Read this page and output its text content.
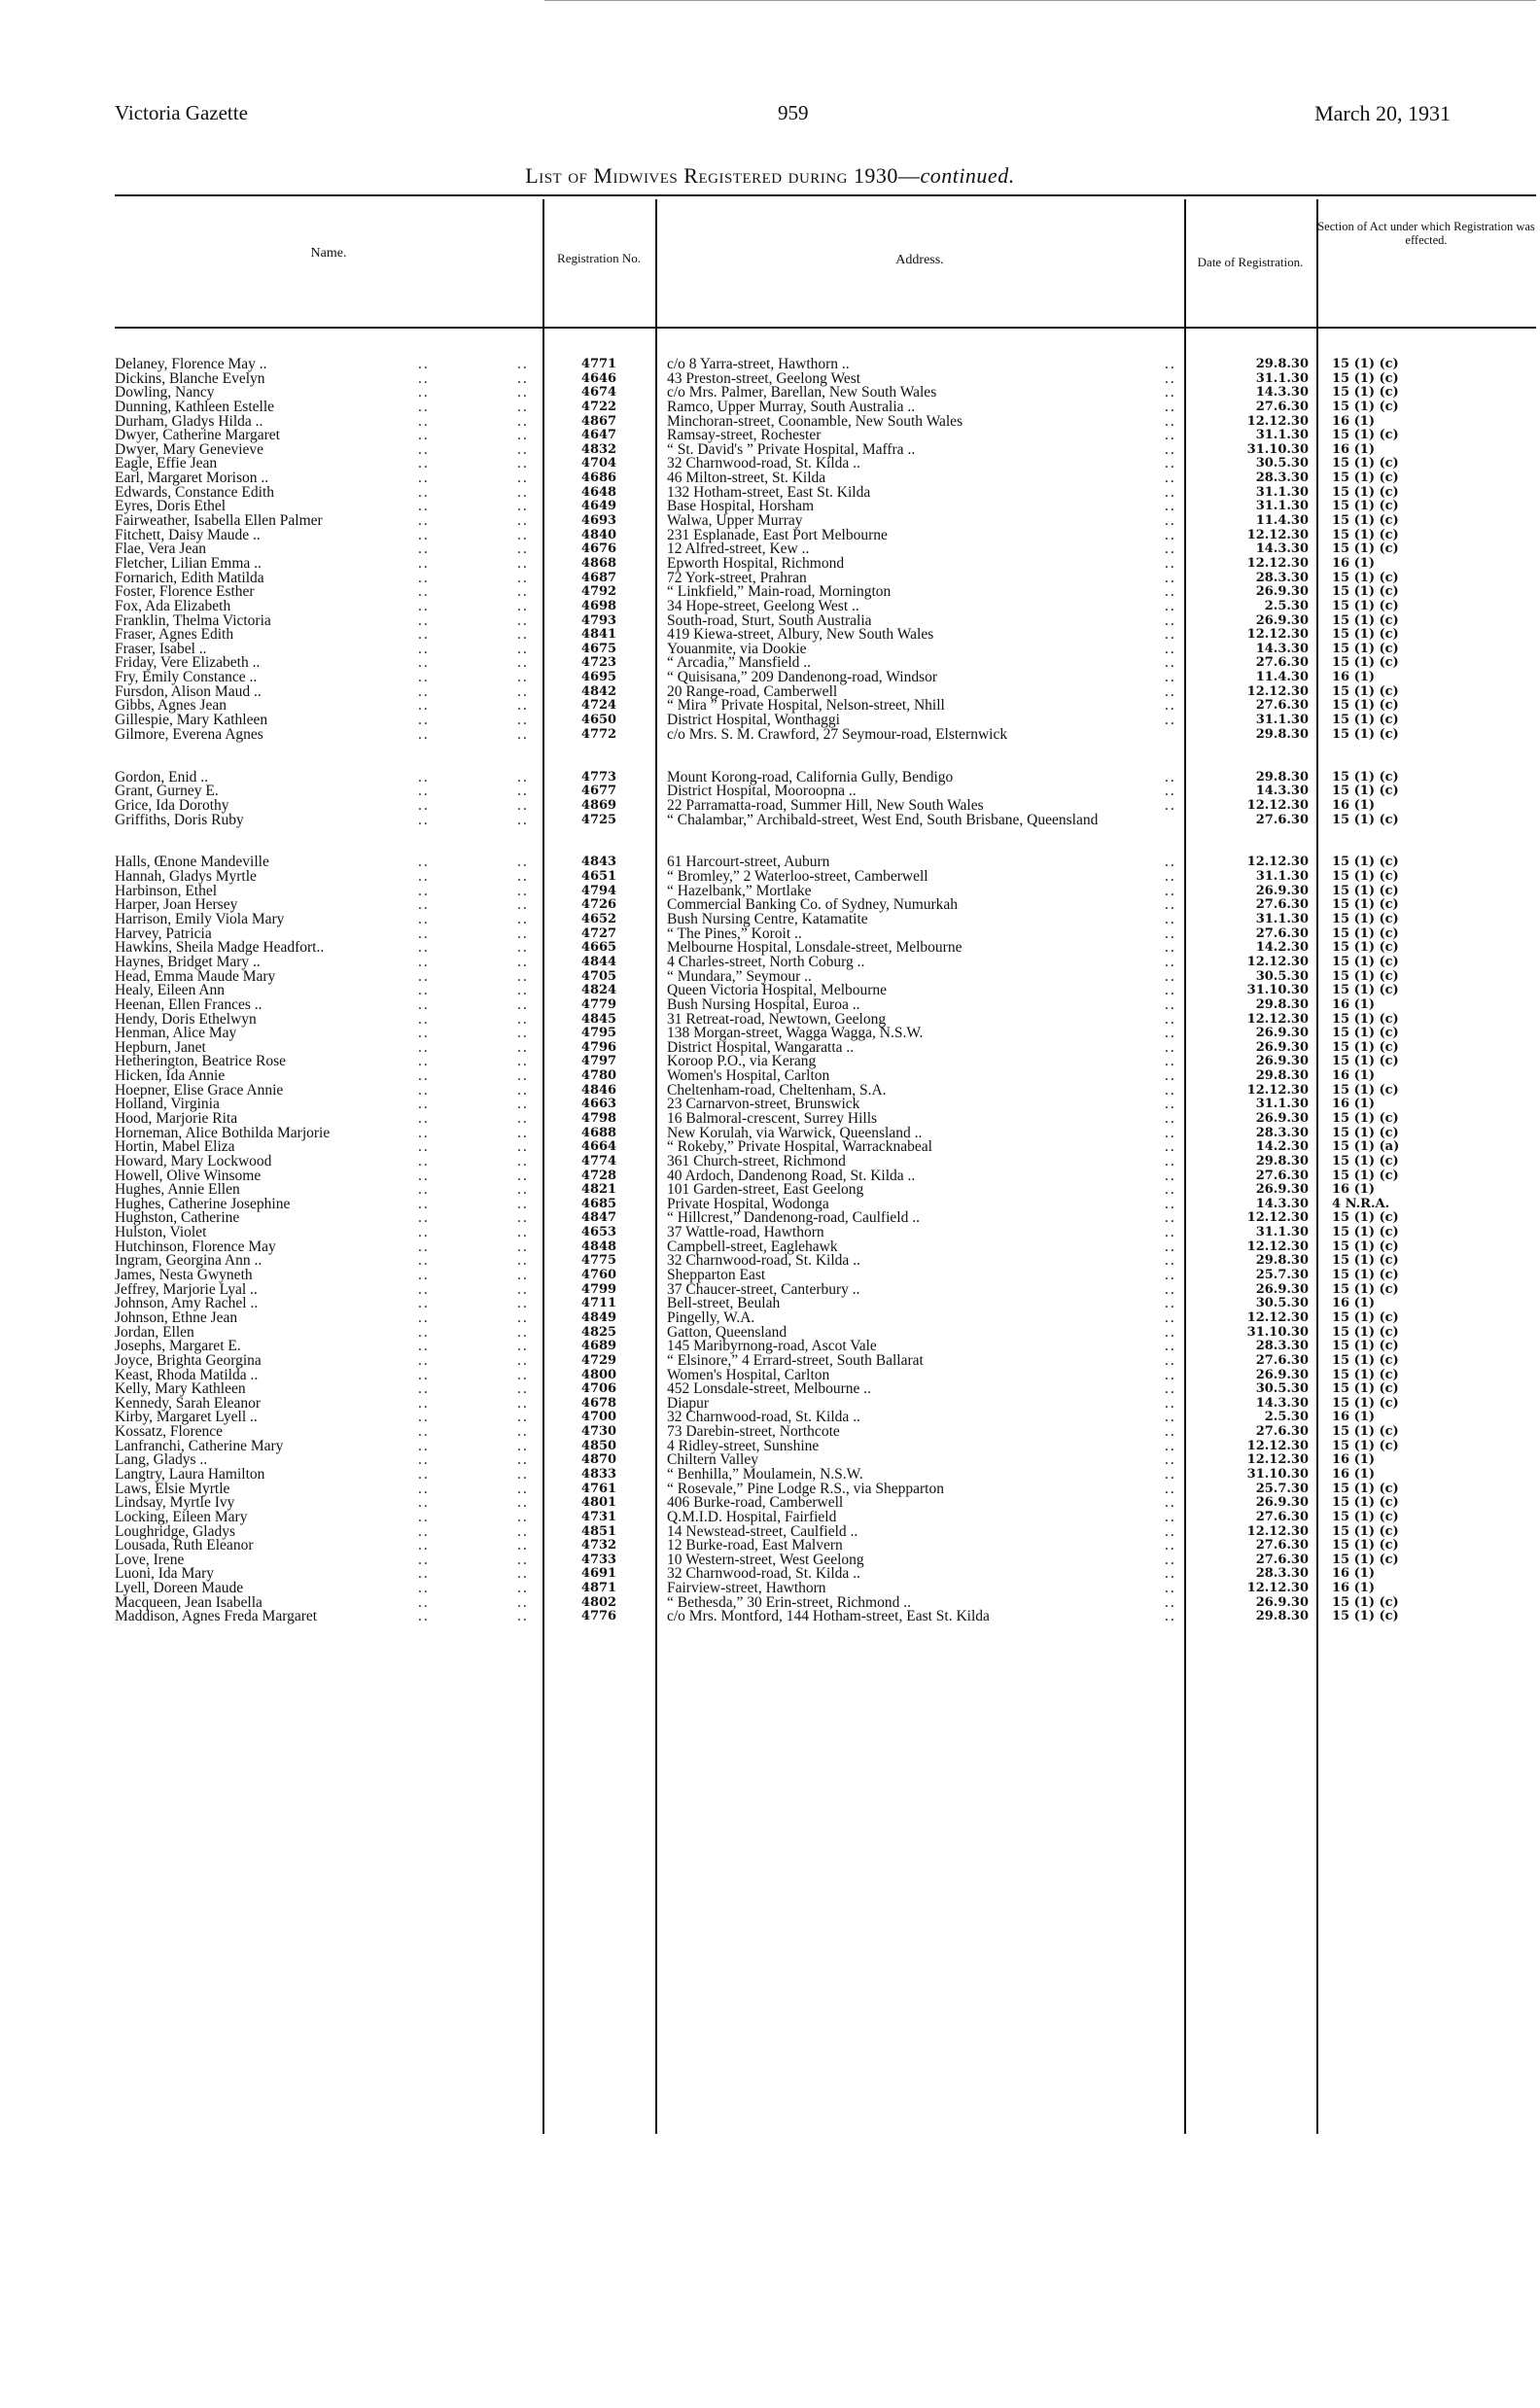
Victoria Gazette	959	March 20, 1931
List of Midwives Registered during 1930—continued.
Name.	Registration No.	Address.	Date of Registration.
Section of Act under which Registration was effected.
Delaney, Florence May ..	..	..	4771	c/o 8 Yarra-street, Hawthorn ..	..	29.8.30 15 (1) (c)
Dickins, Blanche Evelyn	..	..	4646	43 Preston-street, Geelong West	..	31.1.30 15 (1) (c)
Dowling, Nancy	..	..	4674	c/o Mrs. Palmer, Barellan, New South Wales	..	14.3.30 15 (1) (c)
Dunning, Kathleen Estelle	..	..	4722	Ramco, Upper Murray, South Australia ..	..	27.6.30 15 (1) (c)
Durham, Gladys Hilda ..	..	..	4867	Minchoran-street, Coonamble, New South Wales	..	12.12.30 16 (1)
Dwyer, Catherine Margaret	..	..	4647	Ramsay-street, Rochester	..	31.1.30 15 (1) (c)
Dwyer, Mary Genevieve	..	..	4832	“ St. David's ” Private Hospital, Maffra ..	..	31.10.30 16 (1)
Eagle, Effie Jean	..	..	4704	32 Charnwood-road, St. Kilda ..	..	30.5.30 15 (1) (c)
Earl, Margaret Morison ..	..	..	4686	46 Milton-street, St. Kilda	..	28.3.30 15 (1) (c)
Edwards, Constance Edith	..	..	4648	132 Hotham-street, East St. Kilda	..	31.1.30 15 (1) (c)
Eyres, Doris Ethel	..	..	4649	Base Hospital, Horsham	..	31.1.30 15 (1) (c)
Fairweather, Isabella Ellen Palmer	..	..	4693	Walwa, Upper Murray	..	11.4.30 15 (1) (c)
Fitchett, Daisy Maude ..	..	..	4840	231 Esplanade, East Port Melbourne	..	12.12.30 15 (1) (c)
Flae, Vera Jean	..	..	4676	12 Alfred-street, Kew ..	..	14.3.30 15 (1) (c)
Fletcher, Lilian Emma ..	..	..	4868	Epworth Hospital, Richmond	..	12.12.30 16 (1)
Fornarich, Edith Matilda	..	..	4687	72 York-street, Prahran	..	28.3.30 15 (1) (c)
Foster, Florence Esther	..	..	4792	“ Linkfield,” Main-road, Mornington	..	26.9.30 15 (1) (c)
Fox, Ada Elizabeth	..	..	4698	34 Hope-street, Geelong West ..	..	2.5.30 15 (1) (c)
Franklin, Thelma Victoria	..	..	4793	South-road, Sturt, South Australia	..	26.9.30 15 (1) (c)
Fraser, Agnes Edith	..	..	4841	419 Kiewa-street, Albury, New South Wales	..	12.12.30 15 (1) (c)
Fraser, Isabel ..	..	..	4675	Youanmite, via Dookie	..	14.3.30 15 (1) (c)
Friday, Vere Elizabeth ..	..	..	4723	“ Arcadia,” Mansfield ..	..	27.6.30 15 (1) (c)
Fry, Emily Constance ..	..	..	4695	“ Quisisana,” 209 Dandenong-road, Windsor	..	11.4.30 16 (1)
Fursdon, Alison Maud ..	..	..	4842	20 Range-road, Camberwell	..	12.12.30 15 (1) (c)
Gibbs, Agnes Jean	..	..	4724	“ Mira ” Private Hospital, Nelson-street, Nhill	..	27.6.30 15 (1) (c)
Gillespie, Mary Kathleen	..	..	4650	District Hospital, Wonthaggi	..	31.1.30 15 (1) (c)
Gilmore, Everena Agnes	..	..	4772	c/o Mrs. S. M. Crawford, 27 Seymour-road, Elsternwick	29.8.30 15 (1) (c)
Gordon, Enid ..	..	..	4773	Mount Korong-road, California Gully, Bendigo	..	29.8.30 15 (1) (c)
Grant, Gurney E.	..	..	4677	District Hospital, Mooroopna ..	..	14.3.30 15 (1) (c)
Grice, Ida Dorothy	..	..	4869	22 Parramatta-road, Summer Hill, New South Wales	..	12.12.30 16 (1)
Griffiths, Doris Ruby	..	..	4725	“ Chalambar,” Archibald-street, West End, South Brisbane, Queensland	27.6.30 15 (1) (c)
Halls, Œnone Mandeville	..	..	4843	61 Harcourt-street, Auburn	..	12.12.30 15 (1) (c)
Hannah, Gladys Myrtle	..	..	4651	“ Bromley,” 2 Waterloo-street, Camberwell	..	31.1.30 15 (1) (c)
Harbinson, Ethel	..	..	4794	“ Hazelbank,” Mortlake	..	26.9.30 15 (1) (c)
Harper, Joan Hersey	..	..	4726	Commercial Banking Co. of Sydney, Numurkah	..	27.6.30 15 (1) (c)
Harrison, Emily Viola Mary	..	..	4652	Bush Nursing Centre, Katamatite	..	31.1.30 15 (1) (c)
Harvey, Patricia	..	..	4727	“ The Pines,” Koroit ..	..	27.6.30 15 (1) (c)
Hawkins, Sheila Madge Headfort..	..	..	4665	Melbourne Hospital, Lonsdale-street, Melbourne	..	14.2.30 15 (1) (c)
Haynes, Bridget Mary ..	..	..	4844	4 Charles-street, North Coburg ..	..	12.12.30 15 (1) (c)
Head, Emma Maude Mary	..	..	4705	“ Mundara,” Seymour ..	..	30.5.30 15 (1) (c)
Healy, Eileen Ann	..	..	4824	Queen Victoria Hospital, Melbourne	..	31.10.30 15 (1) (c)
Heenan, Ellen Frances ..	..	..	4779	Bush Nursing Hospital, Euroa ..	..	29.8.30 16 (1)
Hendy, Doris Ethelwyn	..	..	4845	31 Retreat-road, Newtown, Geelong	..	12.12.30 15 (1) (c)
Henman, Alice May	..	..	4795	138 Morgan-street, Wagga Wagga, N.S.W.	..	26.9.30 15 (1) (c)
Hepburn, Janet	..	..	4796	District Hospital, Wangaratta ..	..	26.9.30 15 (1) (c)
Hetherington, Beatrice Rose	..	..	4797	Koroop P.O., via Kerang	..	26.9.30 15 (1) (c)
Hicken, Ida Annie	..	..	4780	Women's Hospital, Carlton	..	29.8.30 16 (1)
Hoepner, Elise Grace Annie	..	..	4846	Cheltenham-road, Cheltenham, S.A.	..	12.12.30 15 (1) (c)
Holland, Virginia	..	..	4663	23 Carnarvon-street, Brunswick	..	31.1.30 16 (1)
Hood, Marjorie Rita	..	..	4798	16 Balmoral-crescent, Surrey Hills	..	26.9.30 15 (1) (c)
Horneman, Alice Bothilda Marjorie	..	..	4688	New Korulah, via Warwick, Queensland ..	..	28.3.30 15 (1) (c)
Hortin, Mabel Eliza	..	..	4664	“ Rokeby,” Private Hospital, Warracknabeal	..	14.2.30 15 (1) (a)
Howard, Mary Lockwood	..	..	4774	361 Church-street, Richmond	..	29.8.30 15 (1) (c)
Howell, Olive Winsome	..	..	4728	40 Ardoch, Dandenong Road, St. Kilda ..	..	27.6.30 15 (1) (c)
Hughes, Annie Ellen	..	..	4821	101 Garden-street, East Geelong	..	26.9.30 16 (1)
Hughes, Catherine Josephine	..	..	4685	Private Hospital, Wodonga	..	14.3.30 4 N.R.A.
Hughston, Catherine	..	..	4847	“ Hillcrest,” Dandenong-road, Caulfield ..	..	12.12.30 15 (1) (c)
Hulston, Violet	..	..	4653	37 Wattle-road, Hawthorn	..	31.1.30 15 (1) (c)
Hutchinson, Florence May	..	..	4848	Campbell-street, Eaglehawk	..	12.12.30 15 (1) (c)
Ingram, Georgina Ann ..	..	..	4775	32 Charnwood-road, St. Kilda ..	..	29.8.30 15 (1) (c)
James, Nesta Gwyneth	..	..	4760	Shepparton East	..	25.7.30 15 (1) (c)
Jeffrey, Marjorie Lyal ..	..	..	4799	37 Chaucer-street, Canterbury ..	..	26.9.30 15 (1) (c)
Johnson, Amy Rachel ..	..	..	4711	Bell-street, Beulah	..	30.5.30 16 (1)
Johnson, Ethne Jean	..	..	4849	Pingelly, W.A.	..	12.12.30 15 (1) (c)
Jordan, Ellen	..	..	4825	Gatton, Queensland	..	31.10.30 15 (1) (c)
Josephs, Margaret E.	..	..	4689	145 Maribyrnong-road, Ascot Vale	..	28.3.30 15 (1) (c)
Joyce, Brighta Georgina	..	..	4729	“ Elsinore,” 4 Errard-street, South Ballarat	..	27.6.30 15 (1) (c)
Keast, Rhoda Matilda ..	..	..	4800	Women's Hospital, Carlton	..	26.9.30 15 (1) (c)
Kelly, Mary Kathleen	..	..	4706	452 Lonsdale-street, Melbourne ..	..	30.5.30 15 (1) (c)
Kennedy, Sarah Eleanor	..	..	4678	Diapur	..	14.3.30 15 (1) (c)
Kirby, Margaret Lyell ..	..	..	4700	32 Charnwood-road, St. Kilda ..	..	2.5.30 16 (1)
Kossatz, Florence	..	..	4730	73 Darebin-street, Northcote	..	27.6.30 15 (1) (c)
Lanfranchi, Catherine Mary	..	..	4850	4 Ridley-street, Sunshine	..	12.12.30 15 (1) (c)
Lang, Gladys ..	..	..	4870	Chiltern Valley	..	12.12.30 16 (1)
Langtry, Laura Hamilton	..	..	4833	“ Benhilla,” Moulamein, N.S.W.	..	31.10.30 16 (1)
Laws, Elsie Myrtle	..	..	4761	“ Rosevale,” Pine Lodge R.S., via Shepparton	..	25.7.30 15 (1) (c)
Lindsay, Myrtle Ivy	..	..	4801	406 Burke-road, Camberwell	..	26.9.30 15 (1) (c)
Locking, Eileen Mary	..	..	4731	Q.M.I.D. Hospital, Fairfield	..	27.6.30 15 (1) (c)
Loughridge, Gladys	..	..	4851	14 Newstead-street, Caulfield ..	..	12.12.30 15 (1) (c)
Lousada, Ruth Eleanor	..	..	4732	12 Burke-road, East Malvern	..	27.6.30 15 (1) (c)
Love, Irene	..	..	4733	10 Western-street, West Geelong	..	27.6.30 15 (1) (c)
Luoni, Ida Mary	..	..	4691	32 Charnwood-road, St. Kilda ..	..	28.3.30 16 (1)
Lyell, Doreen Maude	..	..	4871	Fairview-street, Hawthorn	..	12.12.30 16 (1)
Macqueen, Jean Isabella	..	..	4802	“ Bethesda,” 30 Erin-street, Richmond ..	..	26.9.30 15 (1) (c)
Maddison, Agnes Freda Margaret	..	..	4776	c/o Mrs. Montford, 144 Hotham-street, East St. Kilda	..	29.8.30 15 (1) (c)
